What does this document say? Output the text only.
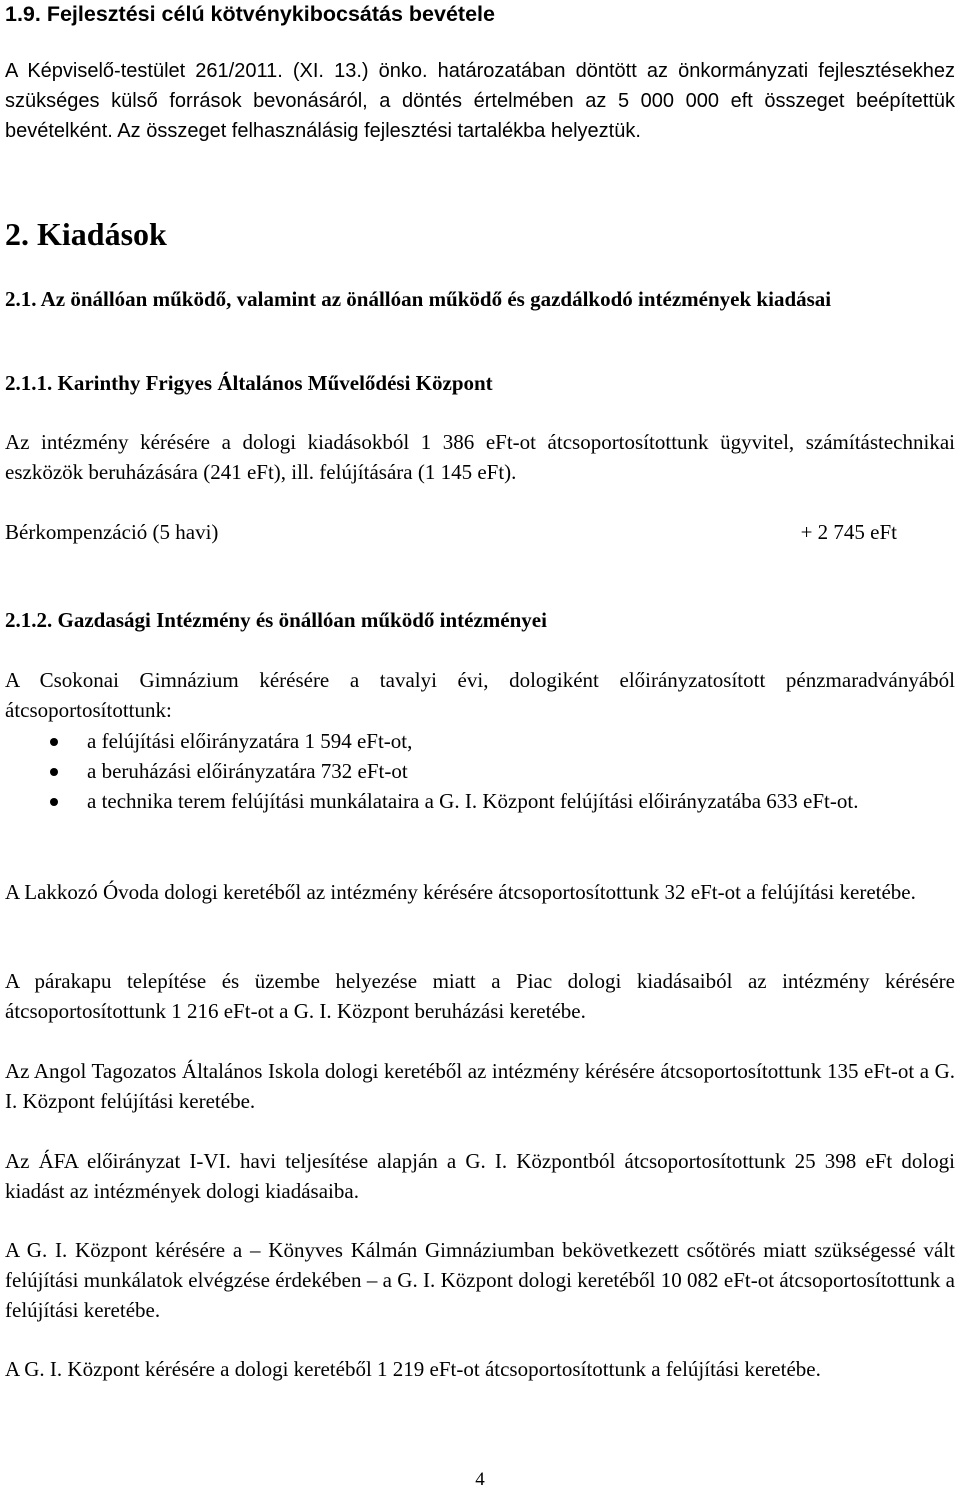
1.9. Fejlesztési célú kötvénykibocsátás bevétele

A Képviselő-testület 261/2011. (XI. 13.) önko. határozatában döntött az önkormányzati fejlesztésekhez szükséges külső források bevonásáról, a döntés értelmében az 5 000 000 eft összeget beépítettük bevételként. Az összeget felhasználásig fejlesztési tartalékba helyeztük.

2. Kiadások
2.1. Az önállóan működő, valamint az önállóan működő és gazdálkodó intézmények kiadásai
2.1.1. Karinthy Frigyes Általános Művelődési Központ

Az intézmény kérésére a dologi kiadásokból 1 386 eFt-ot átcsoportosítottunk ügyvitel, számítástechnikai eszközök beruházására (241 eFt), ill. felújítására (1 145 eFt).

Bérkompenzáció (5 havi)	+ 2 745 eFt
2.1.2. Gazdasági Intézmény és önállóan működő intézményei

A Csokonai Gimnázium kérésére a tavalyi évi, dologiként előirányzatosított pénzmaradványából átcsoportosítottunk:

a felújítási előirányzatára 1 594 eFt-ot,
a beruházási előirányzatára 732 eFt-ot
a technika terem felújítási munkálataira a G. I. Központ felújítási előirányzatába 633 eFt-ot.

A Lakkozó Óvoda dologi keretéből az intézmény kérésére átcsoportosítottunk 32 eFt-ot a felújítási keretébe.

A párakapu telepítése és üzembe helyezése miatt a Piac dologi kiadásaiból az intézmény kérésére átcsoportosítottunk 1 216 eFt-ot a G. I. Központ beruházási keretébe.

Az Angol Tagozatos Általános Iskola dologi keretéből az intézmény kérésére átcsoportosítottunk 135 eFt-ot a G. I. Központ felújítási keretébe.

Az ÁFA előirányzat I-VI. havi teljesítése alapján a G. I. Központból átcsoportosítottunk 25 398 eFt dologi kiadást az intézmények dologi kiadásaiba.

A G. I. Központ kérésére a – Könyves Kálmán Gimnáziumban bekövetkezett csőtörés miatt szükségessé vált felújítási munkálatok elvégzése érdekében – a G. I. Központ dologi keretéből 10 082 eFt-ot átcsoportosítottunk a felújítási keretébe.

A G. I. Központ kérésére a dologi keretéből 1 219 eFt-ot átcsoportosítottunk a felújítási keretébe.

4
